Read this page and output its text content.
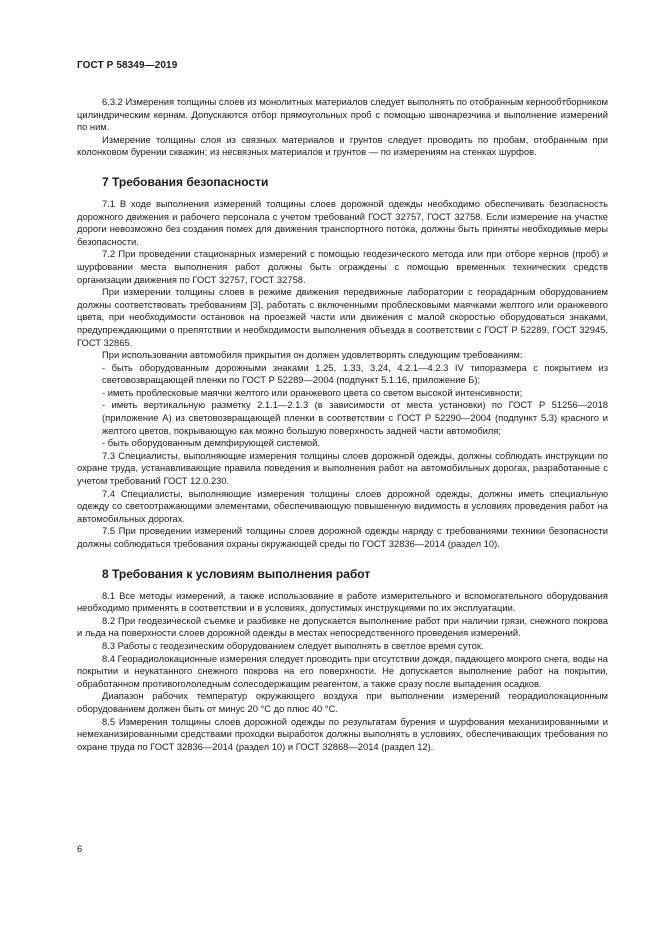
ГОСТ Р 58349—2019

6.3.2 Измерения толщины слоев из монолитных материалов следует выполнять по отобранным кернообтборником цилиндрическим кернам. Допускаются отбор прямоугольных проб с помощью швонарезчика и выполнение измерений по ним.

Измерение толщины слоя из связных материалов и грунтов следует проводить по пробам, отобранным при колонковом бурении скважин; из несвязных материалов и грунтов — по измерениям на стенках шурфов.

7 Требования безопасности

7.1 В ходе выполнения измерений толщины слоев дорожной одежды необходимо обеспечивать безопасность дорожного движения и рабочего персонала с учетом требований ГОСТ 32757, ГОСТ 32758. Если измерение на участке дороги невозможно без создания помех для движения транспортного потока, должны быть приняты необходимые меры безопасности.

7.2 При проведении стационарных измерений с помощью геодезического метода или при отборе кернов (проб) и шурфовании места выполнения работ должны быть ограждены с помощью временных технических средств организации движения по ГОСТ 32757, ГОСТ 32758.

При измерении толщины слоев в режиме движения передвижные лаборатории с георадарным оборудованием должны соответствовать требованиям [3], работать с включенными проблесковыми маячками желтого или оранжевого цвета, при необходимости остановок на проезжей части или движения с малой скоростью оборудоваться знаками, предупреждающими о препятствии и необходимости выполнения объезда в соответствии с ГОСТ Р 52289, ГОСТ 32945, ГОСТ 32865.

При использовании автомобиля прикрытия он должен удовлетворять следующим требованиям:

- быть оборудованным дорожными знаками 1.25, 1.33, 3.24, 4.2.1—4.2.3 IV типоразмера с покрытием из световозвращающей пленки по ГОСТ Р 52289—2004 (подпункт 5.1.16, приложение Б);

- иметь проблесковые маячки желтого или оранжевого цвета со светом высокой интенсивности;

- иметь вертикальную разметку 2.1.1—2.1.3 (в зависимости от места установки) по ГОСТ Р 51256—2018 (приложение А) из световозвращающей пленки в соответствии с ГОСТ Р 52290—2004 (подпункт 5.3) красного и желтого цветов, покрывающую как можно большую поверхность задней части автомобиля;

- быть оборудованным демпфирующей системой.

7.3 Специалисты, выполняющие измерения толщины слоев дорожной одежды, должны соблюдать инструкции по охране труда, устанавливающие правила поведения и выполнения работ на автомобильных дорогах, разработанные с учетом требований ГОСТ 12.0.230.

7.4 Специалисты, выполняющие измерения толщины слоев дорожной одежды, должны иметь специальную одежду со светоотражающими элементами, обеспечивающую повышенную видимость в условиях проведения работ на автомобильных дорогах.

7.5 При проведении измерений толщины слоев дорожной одежды наряду с требованиями техники безопасности должны соблюдаться требования охраны окружающей среды по ГОСТ 32836—2014 (раздел 10).

8 Требования к условиям выполнения работ

8.1 Все методы измерений, а также использование в работе измерительного и вспомогательного оборудования необходимо применять в соответствии и в условиях, допустимых инструкциями по их эксплуатации.

8.2 При геодезической съемке и разбивке не допускается выполнение работ при наличии грязи, снежного покрова и льда на поверхности слоев дорожной одежды в местах непосредственного проведения измерений.

8.3 Работы с геодезическим оборудованием следует выполнять в светлое время суток.

8.4 Георадиолокационные измерения следует проводить при отсутствии дождя, падающего мокрого снега, воды на покрытии и неукатанного снежного покрова на его поверхности. Не допускается выполнение работ на покрытии, обработанном противогололедным солесодержащим реагентом, а также сразу после выпадения осадков.

Диапазон рабочих температур окружающего воздуха при выполнении измерений георадиолокационным оборудованием должен быть от минус 20 °С до плюс 40 °С.

8.5 Измерения толщины слоев дорожной одежды по результатам бурения и шурфования механизированными и немеханизированными средствами проходки выработок должны выполнять в условиях, обеспечивающих требования по охране труда по ГОСТ 32836—2014 (раздел 10) и ГОСТ 32868—2014 (раздел 12).

6
